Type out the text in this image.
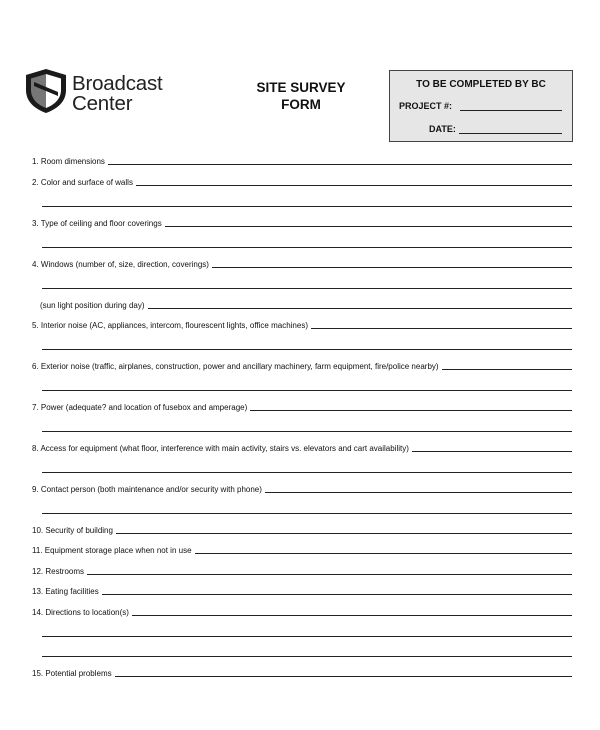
Broadcast
Center
SITE SURVEY
FORM
TO BE COMPLETED BY BC
PROJECT #:
DATE:
1. Room dimensions
2. Color and surface of walls
3. Type of ceiling and floor coverings
4. Windows (number of, size, direction, coverings)
(sun light position during day)
5. Interior noise (AC, appliances, intercom, flourescent lights, office machines)
6. Exterior noise (traffic, airplanes, construction, power and ancillary machinery, farm equipment, fire/police nearby)
7. Power (adequate? and location of fusebox and amperage)
8. Access for equipment (what floor, interference with main activity, stairs vs. elevators and cart availability)
9. Contact person (both maintenance and/or security with phone)
10. Security of building
11. Equipment storage place when not in use
12. Restrooms
13. Eating facilities
14. Directions to location(s)
15. Potential problems
